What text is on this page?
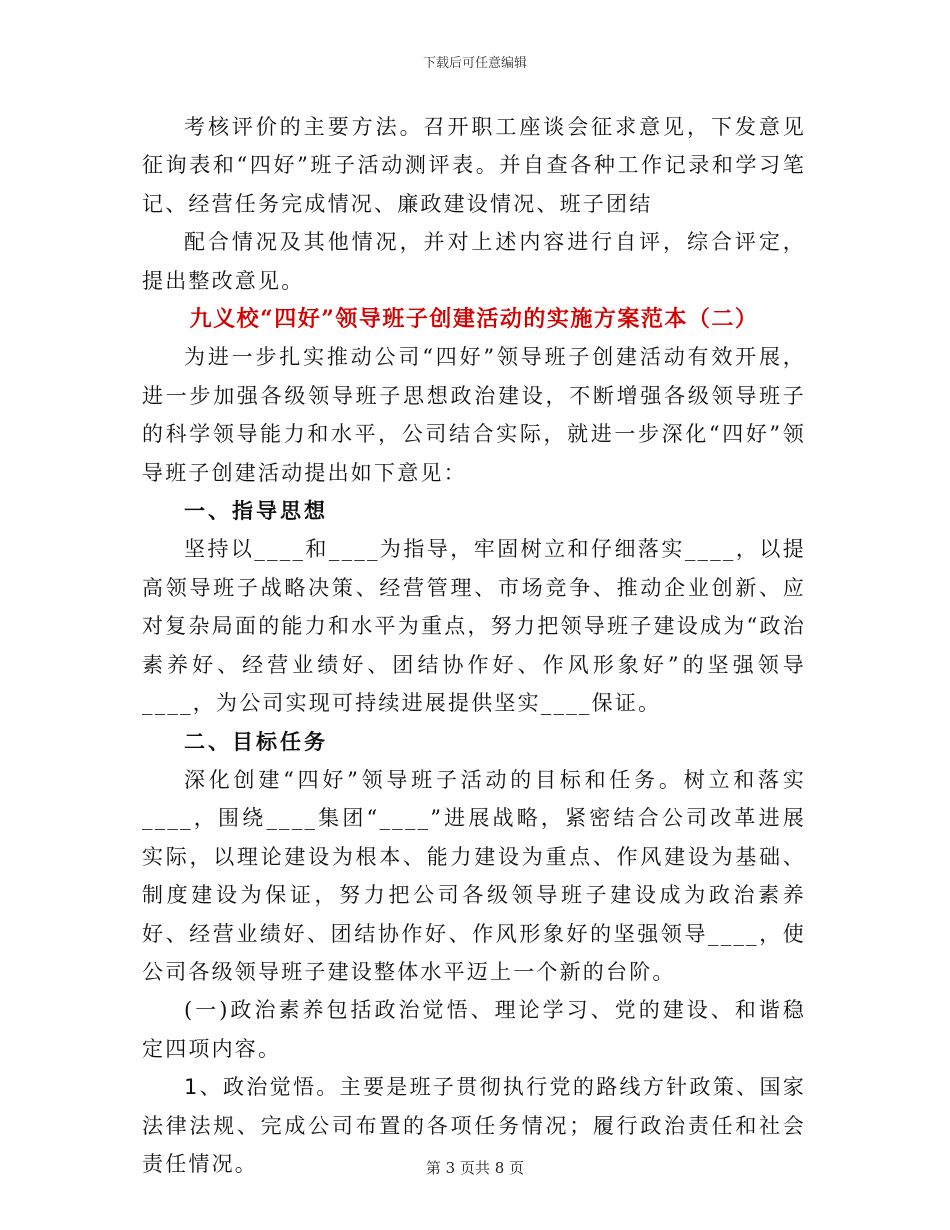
下载后可任意编辑

考核评价的主要方法。召开职工座谈会征求意见，下发意见征询表和“四好”班子活动测评表。并自查各种工作记录和学习笔记、经营任务完成情况、廉政建设情况、班子团结

配合情况及其他情况，并对上述内容进行自评，综合评定，提出整改意见。

九义校“四好”领导班子创建活动的实施方案范本（二）

为进一步扎实推动公司“四好”领导班子创建活动有效开展，进一步加强各级领导班子思想政治建设，不断增强各级领导班子的科学领导能力和水平，公司结合实际，就进一步深化“四好”领导班子创建活动提出如下意见：

一、指导思想

坚持以____和____为指导，牢固树立和仔细落实____，以提高领导班子战略决策、经营管理、市场竞争、推动企业创新、应对复杂局面的能力和水平为重点，努力把领导班子建设成为“政治素养好、经营业绩好、团结协作好、作风形象好”的坚强领导____，为公司实现可持续进展提供坚实____保证。

二、目标任务

深化创建“四好”领导班子活动的目标和任务。树立和落实____，围绕____集团“____”进展战略，紧密结合公司改革进展实际，以理论建设为根本、能力建设为重点、作风建设为基础、制度建设为保证，努力把公司各级领导班子建设成为政治素养好、经营业绩好、团结协作好、作风形象好的坚强领导____，使公司各级领导班子建设整体水平迈上一个新的台阶。

(一)政治素养包括政治觉悟、理论学习、党的建设、和谐稳定四项内容。

1、政治觉悟。主要是班子贯彻执行党的路线方针政策、国家法律法规、完成公司布置的各项任务情况；履行政治责任和社会责任情况。	第 3 页共 8 页
